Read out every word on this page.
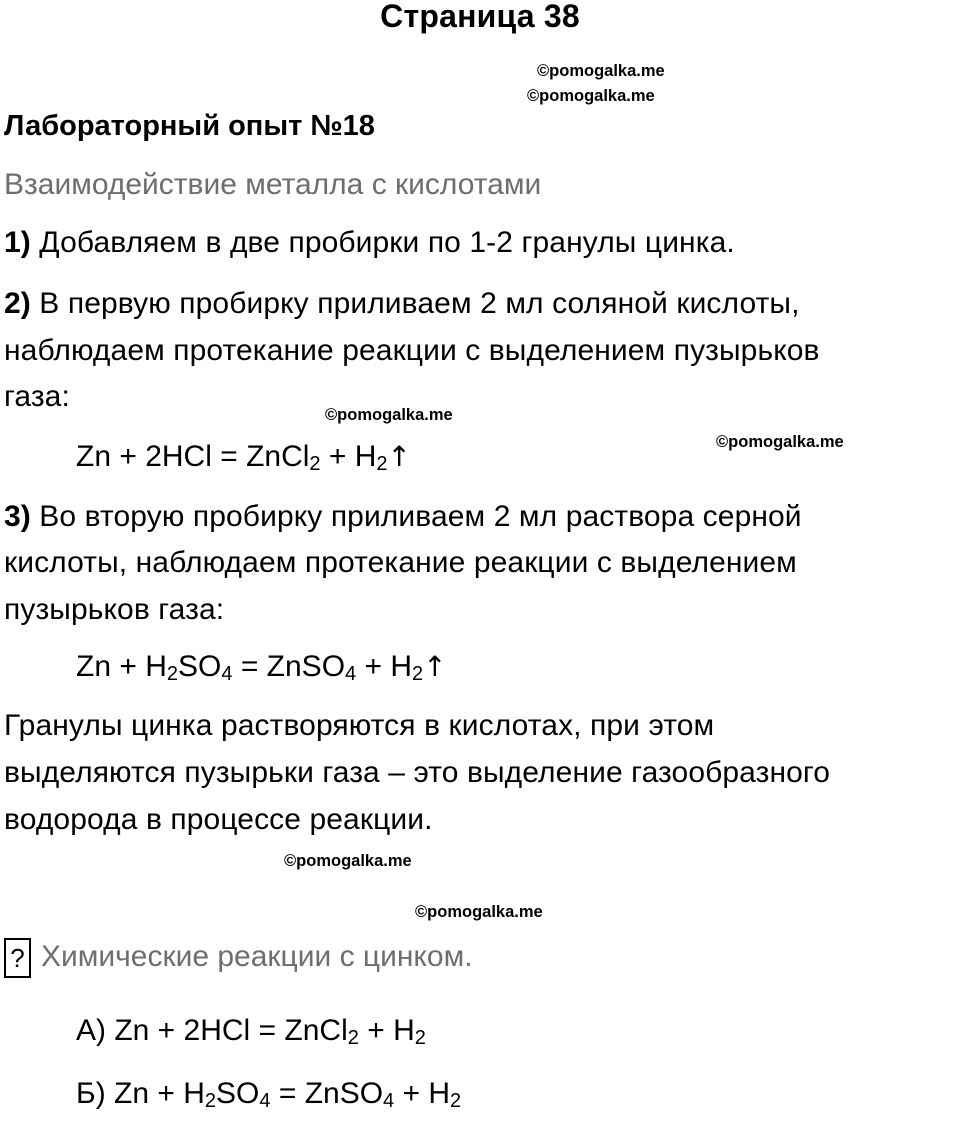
Страница 38
©pomogalka.me
©pomogalka.me
Лабораторный опыт №18
Взаимодействие металла с кислотами
1) Добавляем в две пробирки по 1-2 гранулы цинка.
2) В первую пробирку приливаем 2 мл соляной кислоты,
наблюдаем протекание реакции с выделением пузырьков
газа:
©pomogalka.me
©pomogalka.me
Zn + 2HCl = ZnCl$_2$ + $H_2↑$
3) Во вторую пробирку приливаем 2 мл раствора серной
кислоты, наблюдаем протекание реакции с выделением
пузырьков газа:
$Zn + H_2SO_4$ = ZnSO$_4$ + $H_2↑$
Гранулы цинка растворяются в кислотах, при этом
выделяются пузырьки газа – это выделение газообразного
водорода в процессе реакции.
©pomogalka.me
©pomogalka.me
? Химические реакции с цинком.
А) Zn + 2HCl = ZnCl$_2$ + $H_2$
Б) $Zn + H_2SO_4$ = ZnSO$_4$ + $H_2$
